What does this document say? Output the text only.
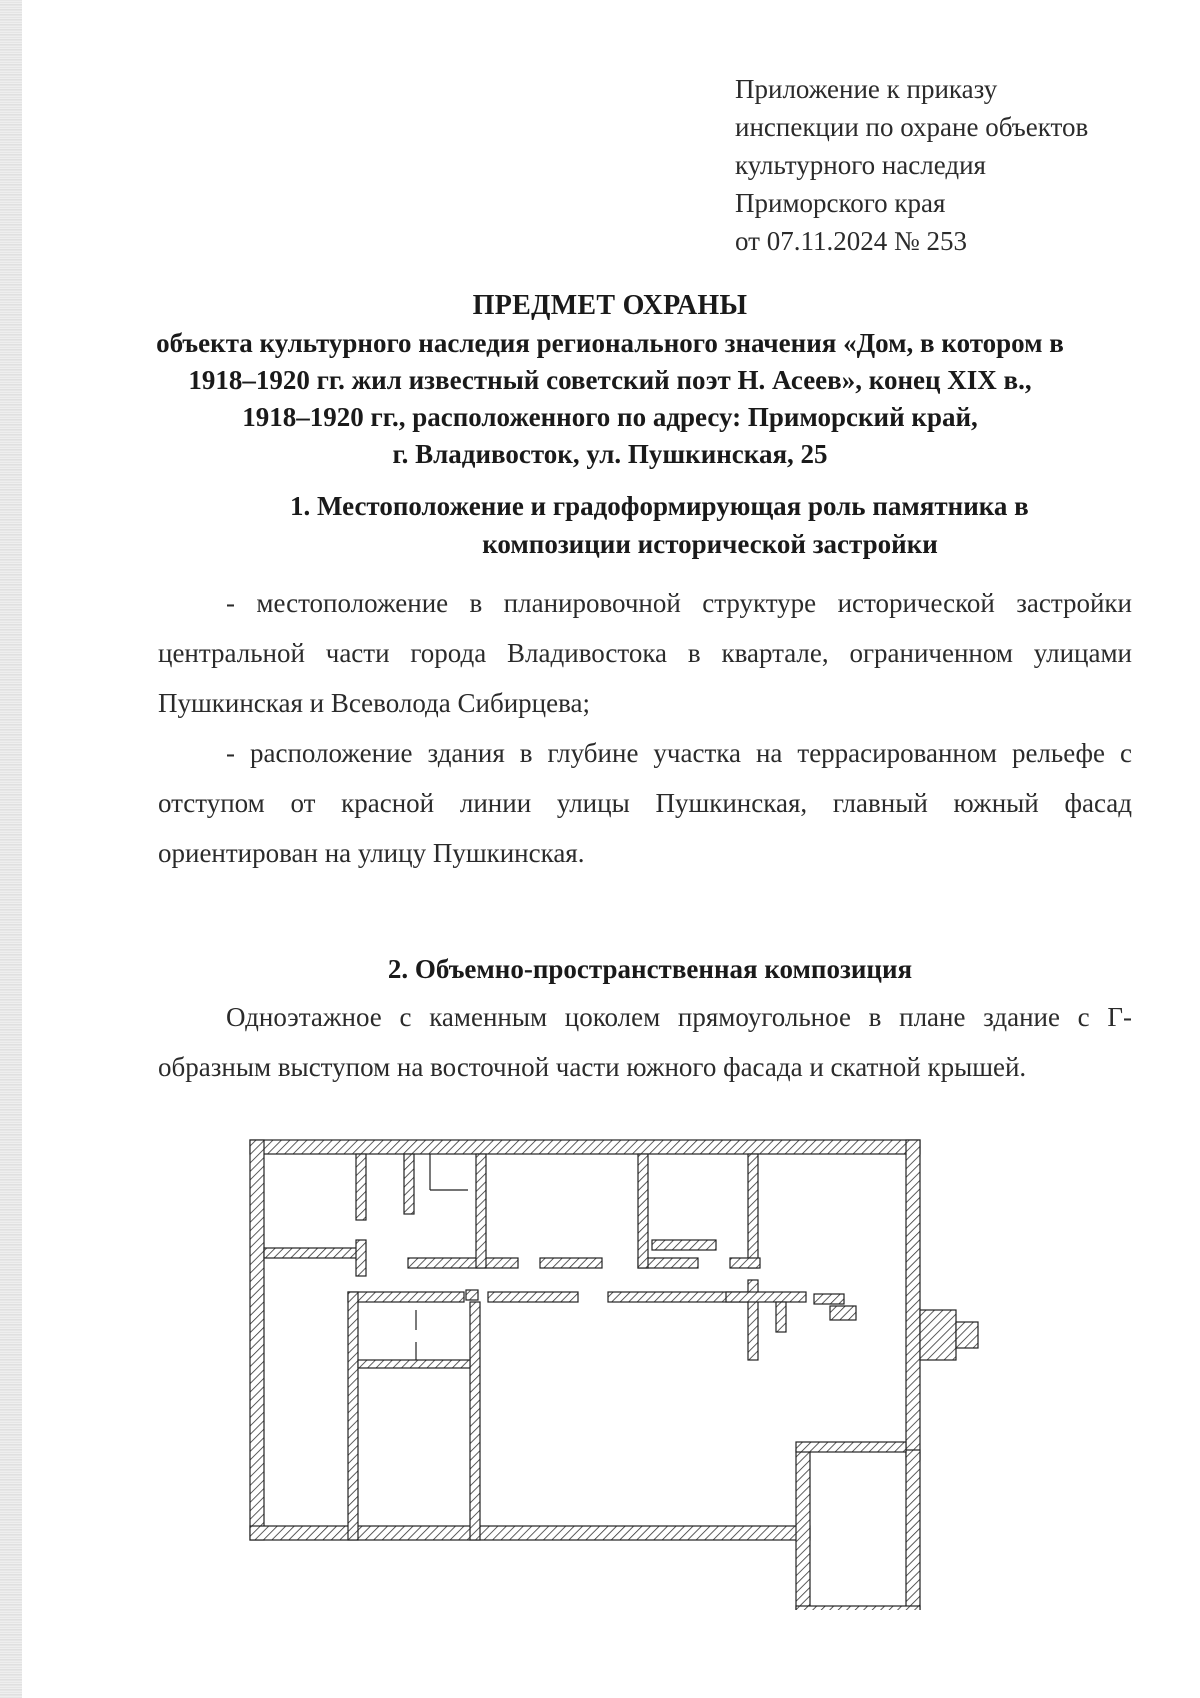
Приложение к приказу
инспекции по охране объектов
культурного наследия
Приморского края
от 07.11.2024 № 253
ПРЕДМЕТ ОХРАНЫ
объекта культурного наследия регионального значения «Дом, в котором в
1918–1920 гг. жил известный советский поэт Н. Асеев», конец XIX в.,
1918–1920 гг., расположенного по адресу: Приморский край,
г. Владивосток, ул. Пушкинская, 25
1. Местоположение и градоформирующая роль памятника в
композиции исторической застройки
- местоположение в планировочной структуре исторической застройки центральной части города Владивостока в квартале, ограниченном улицами Пушкинская и Всеволода Сибирцева;
- расположение здания в глубине участка на террасированном рельефе с отступом от красной линии улицы Пушкинская, главный южный фасад ориентирован на улицу Пушкинская.
2. Объемно-пространственная композиция
Одноэтажное с каменным цоколем прямоугольное в плане здание с Г-образным выступом на восточной части южного фасада и скатной крышей.
